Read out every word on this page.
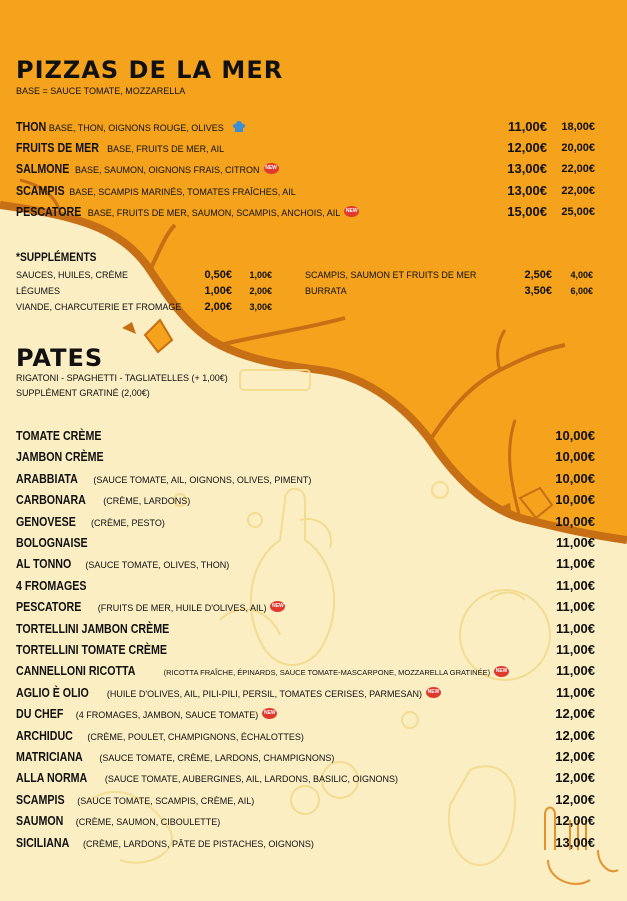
PIZZAS DE LA MER
BASE = SAUCE TOMATE, MOZZARELLA
THON BASE, THON, OIGNONS ROUGE, OLIVES	11,00€	18,00€
FRUITS DE MER BASE, FRUITS DE MER, AIL	12,00€	20,00€
SALMONE BASE, SAUMON, OIGNONS FRAIS, CITRON NEW	13,00€	22,00€
SCAMPIS BASE, SCAMPIS MARINÉS, TOMATES FRAÎCHES, AIL	13,00€	22,00€
PESCATORE BASE, FRUITS DE MER, SAUMON, SCAMPIS, ANCHOIS, AIL NEW	15,00€	25,00€
*SUPPLÉMENTS
SAUCES, HUILES, CRÈME	0,50€	1,00€
LÉGUMES	1,00€	2,00€
VIANDE, CHARCUTERIE ET FROMAGE	2,00€	3,00€
SCAMPIS, SAUMON ET FRUITS DE MER	2,50€	4,00€
BURRATA	3,50€	6,00€
PATES
RIGATONI - SPAGHETTI - TAGLIATELLES (+ 1,00€)
SUPPLÉMENT GRATINÉ (2,00€)
TOMATE CRÈME	10,00€
JAMBON CRÈME	10,00€
ARABBIATA (SAUCE TOMATE, AIL, OIGNONS, OLIVES, PIMENT)	10,00€
CARBONARA (CRÈME, LARDONS)	10,00€
GENOVESE (CRÈME, PESTO)	10,00€
BOLOGNAISE	11,00€
AL TONNO (SAUCE TOMATE, OLIVES, THON)	11,00€
4 FROMAGES	11,00€
PESCATORE (FRUITS DE MER, HUILE D'OLIVES, AIL) NEW	11,00€
TORTELLINI JAMBON CRÈME	11,00€
TORTELLINI TOMATE CRÈME	11,00€
CANNELLONI RICOTTA	(RICOTTA FRAÎCHE, ÉPINARDS, SAUCE TOMATE-MASCARPONE, MOZZARELLA GRATINÉE) NEW	11,00€
AGLIO È OLIO (HUILE D'OLIVES, AIL, PILI-PILI, PERSIL, TOMATES CERISES, PARMESAN) NEW	11,00€
DU CHEF (4 FROMAGES, JAMBON, SAUCE TOMATE) NEW	12,00€
ARCHIDUC (CRÈME, POULET, CHAMPIGNONS, ÉCHALOTTES)	12,00€
MATRICIANA (SAUCE TOMATE, CRÈME, LARDONS, CHAMPIGNONS)	12,00€
ALLA NORMA (SAUCE TOMATE, AUBERGINES, AIL, LARDONS, BASILIC, OIGNONS)	12,00€
SCAMPIS (SAUCE TOMATE, SCAMPIS, CRÈME, AIL)	12,00€
SAUMON (CRÈME, SAUMON, CIBOULETTE)	12,00€
SICILIANA (CRÈME, LARDONS, PÂTE DE PISTACHES, OIGNONS)	13,00€
